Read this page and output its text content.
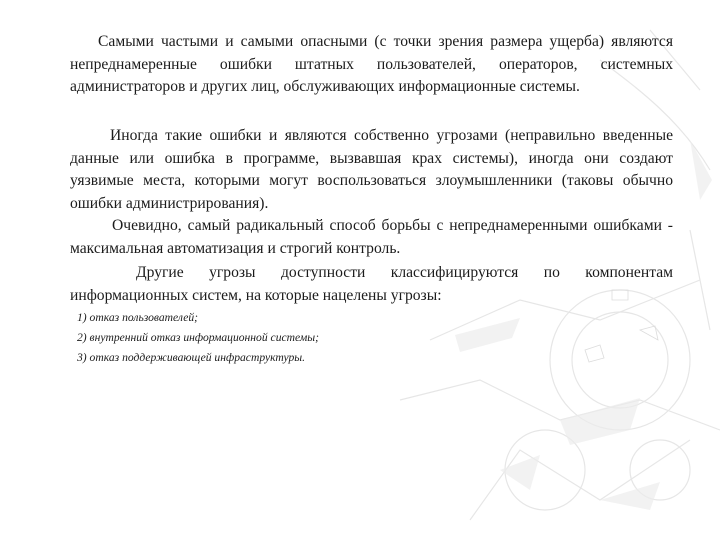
Самыми частыми и самыми опасными (с точки зрения размера ущерба) являются непреднамеренные ошибки штатных пользователей, операторов, системных администраторов и других лиц, обслуживающих информационные системы.

Иногда такие ошибки и являются собственно угрозами (неправильно введенные данные или ошибка в программе, вызвавшая крах системы), иногда они создают уязвимые места, которыми могут воспользоваться злоумышленники (таковы обычно ошибки администрирования).

Очевидно, самый радикальный способ борьбы с непреднамеренными ошибками - максимальная автоматизация и строгий контроль.

Другие угрозы доступности классифицируются по компонентам информационных систем, на которые нацелены угрозы:

1) отказ пользователей;
2) внутренний отказ информационной системы;
3) отказ поддерживающей инфраструктуры.
